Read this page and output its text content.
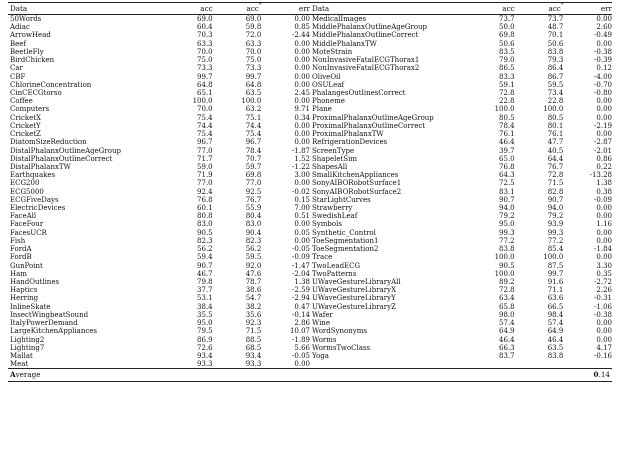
Data	acc	acc*	err Data	acc	acc*	err
50Words	69.0	69.0	0.00 MedicalImages	73.7	73.7	0.00
Adiac	60.4	59.8	0.85 MiddlePhalanxOutlineAgeGroup	50.0	48.7	2.60
ArrowHead	70.3	72.0	-2.44 MiddlePhalanxOutlineCorrect	69.8	70.1	-0.49
Beef	63.3	63.3	0.00 MiddlePhalanxTW	50.6	50.6	0.00
BeetleFly	70.0	70.0	0.00 MoteStrain	83.5	83.8	-0.38
BirdChicken	75.0	75.0	0.00 NonInvasiveFatalECGThorax1	79.0	79.3	-0.39
Car	73.3	73.3	0.00 NonInvasiveFatalECGThorax2	86.5	86.4	0.12
CBF	99.7	99.7	0.00 OliveOil	83.3	86.7	-4.00
ChlorineConcentration	64.8	64.8	0.00 OSULeaf	59.1	59.5	-0.70
CinCECGtorso	65.1	63.5	2.45 PhalangesOutlinesCorrect	72.8	73.4	-0.80
Coffee	100.0	100.0	0.00 Phoneme	22.8	22.8	0.00
Computers	70.0	63.2	9.71 Plane	100.0	100.0	0.00
CricketX	75.4	75.1	0.34 ProximalPhalanxOutlineAgeGroup	80.5	80.5	0.00
CricketY	74.4	74.4	0.00 ProximalPhalanxOutlineCorrect	78.4	80.1	-2.19
CricketZ	75.4	75.4	0.00 ProximalPhalanxTW	76.1	76.1	0.00
DiatomSizeReduction	96.7	96.7	0.00 RefrigerationDevices	46.4	47.7	-2.87
DistalPhalanxOutlineAgeGroup	77.0	78.4	-1.87 ScreenType	39.7	40.5	-2.01
DistalPhalanxOutlineCorrect	71.7	70.7	1.52 ShapeletSim	65.0	64.4	0.86
DistalPhalanxTW	59.0	59.7	-1.22 ShapesAll	76.8	76.7	0.22
Earthquakes	71.9	69.8	3.00 SmallKitchenAppliances	64.3	72.8	-13.28
ECG200	77.0	77.0	0.00 SonyAIBORobotSurface1	72.5	71.5	1.38
ECG5000	92.4	92.5	-0.02 SonyAIBORobotSurface2	83.1	82.8	0.38
ECGFiveDays	76.8	76.7	0.15 StarLightCurves	90.7	90.7	-0.09
ElectricDevices	60.1	55.9	7.00 Strawberry	94.0	94.0	0.00
FaceAll	80.8	80.4	0.51 SwedishLeaf	79.2	79.2	0.00
FaceFour	83.0	83.0	0.00 Symbols	95.0	93.9	1.16
FacesUCR	90.5	90.4	0.05 Synthetic_Control	99.3	99.3	0.00
Fish	82.3	82.3	0.00 ToeSegmentation1	77.2	77.2	0.00
FordA	56.2	56.2	-0.05 ToeSegmentation2	83.8	85.4	-1.84
FordB	59.4	59.5	-0.09 Trace	100.0	100.0	0.00
GunPoint	90.7	92.0	-1.47 TwoLeadECG	90.5	87.5	3.30
Ham	46.7	47.6	-2.04 TwoPatterns	100.0	99.7	0.35
HandOutlines	79.8	78.7	1.38 UWaveGestureLibraryAll	89.2	91.6	-2.72
Haptics	37.7	38.6	-2.59 UWaveGestureLibraryX	72.8	71.1	2.26
Herring	53.1	54.7	-2.94 UWaveGestureLibraryY	63.4	63.6	-0.31
InlineSkate	38.4	38.2	0.47 UWaveGestureLibraryZ	65.8	66.5	-1.06
InsectWingbeatSound	35.5	35.6	-0.14 Wafer	98.0	98.4	-0.38
ItalyPowerDemand	95.0	92.3	2.86 Wine	57.4	57.4	0.00
LargeKitchenAppliances	79.5	71.5	10.07 WordSynonyms	64.9	64.9	0.00
Lighting2	86.9	88.5	-1.89 Worms	46.4	46.4	0.00
Lighting7	72.6	68.5	5.66 WormsTwoClass	66.3	63.5	4.17
Mallat	93.4	93.4	-0.05 Yoga	83.7	83.8	-0.16
Meat	93.3	93.3	0.00
Average	0.14
